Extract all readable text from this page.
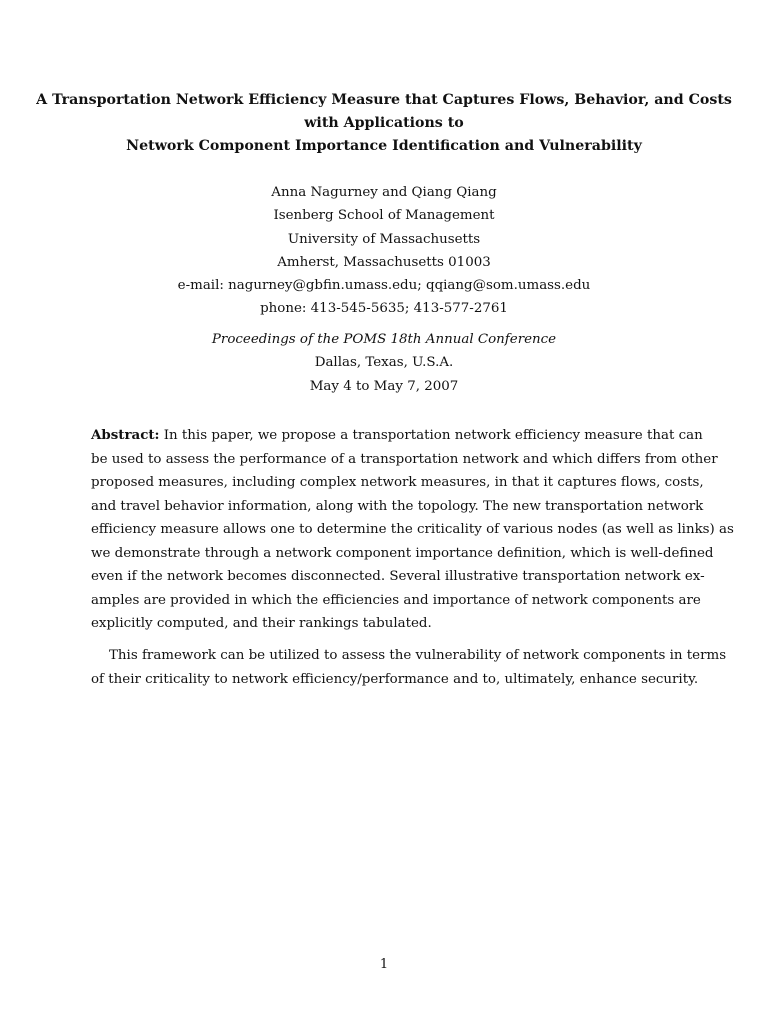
A Transportation Network Efficiency Measure that Captures Flows, Behavior, and Costs
with Applications to
Network Component Importance Identification and Vulnerability
Anna Nagurney and Qiang Qiang
Isenberg School of Management
University of Massachusetts
Amherst, Massachusetts 01003
e-mail: nagurney@gbfin.umass.edu; qqiang@som.umass.edu
phone: 413-545-5635; 413-577-2761
Proceedings of the POMS 18th Annual Conference
Dallas, Texas, U.S.A.
May 4 to May 7, 2007
Abstract: In this paper, we propose a transportation network efficiency measure that can
be used to assess the performance of a transportation network and which differs from other
proposed measures, including complex network measures, in that it captures flows, costs,
and travel behavior information, along with the topology. The new transportation network
efficiency measure allows one to determine the criticality of various nodes (as well as links) as
we demonstrate through a network component importance definition, which is well-defined
even if the network becomes disconnected. Several illustrative transportation network ex-
amples are provided in which the efficiencies and importance of network components are
explicitly computed, and their rankings tabulated.
This framework can be utilized to assess the vulnerability of network components in terms
of their criticality to network efficiency/performance and to, ultimately, enhance security.
1
